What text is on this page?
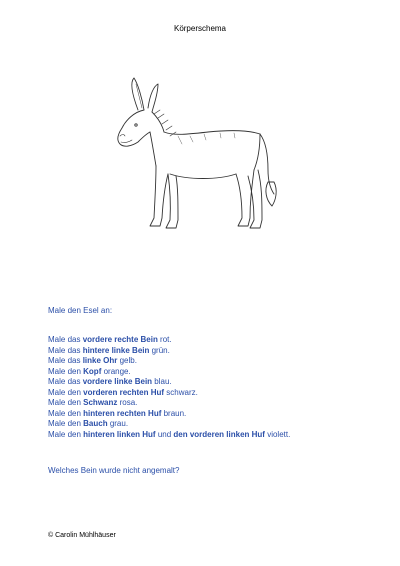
Körperschema
Male den Esel an:
Male das vordere rechte Bein rot.
Male das hintere linke Bein grün.
Male das linke Ohr gelb.
Male den Kopf orange.
Male das vordere linke Bein blau.
Male den vorderen rechten Huf schwarz.
Male den Schwanz rosa.
Male den hinteren rechten Huf braun.
Male den Bauch grau.
Male den hinteren linken Huf und den vorderen linken Huf violett.
Welches Bein wurde nicht angemalt?
© Carolin Mühlhäuser
